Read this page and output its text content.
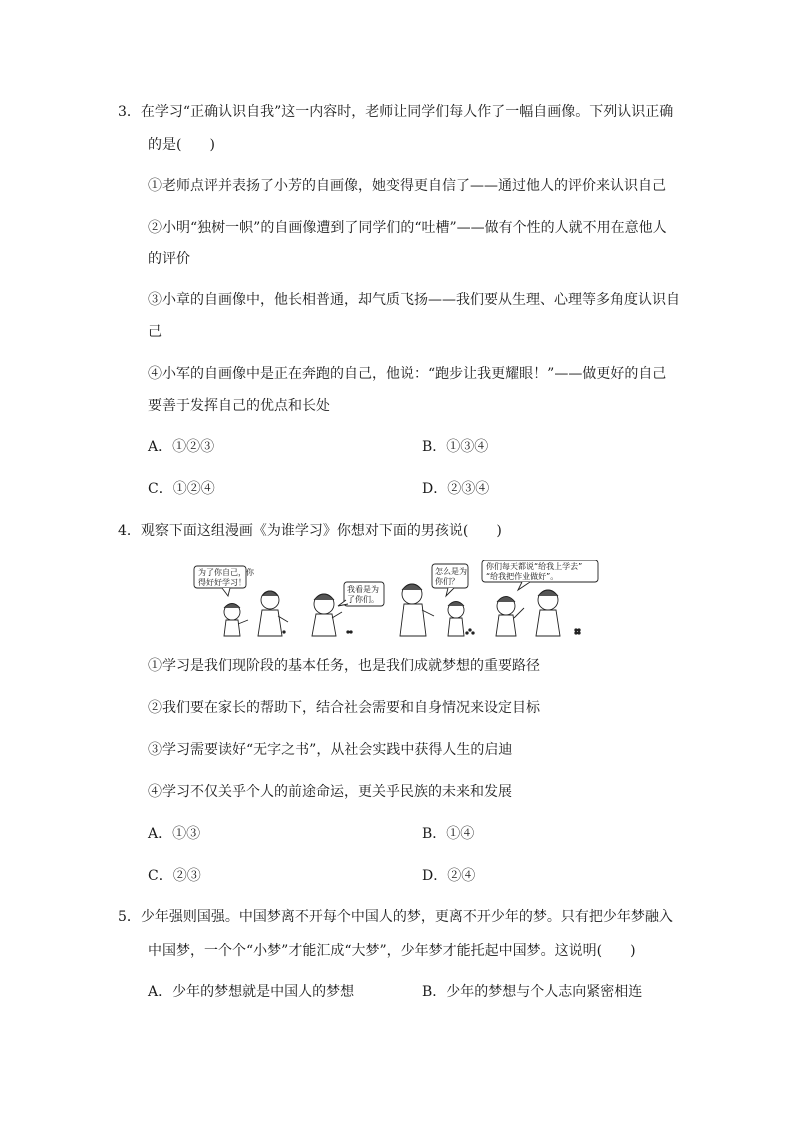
3．在学习“正确认识自我”这一内容时，老师让同学们每人作了一幅自画像。下列认识正确
的是(　　)
①老师点评并表扬了小芳的自画像，她变得更自信了——通过他人的评价来认识自己
②小明“独树一帜”的自画像遭到了同学们的“吐槽”——做有个性的人就不用在意他人
的评价
③小章的自画像中，他长相普通，却气质飞扬——我们要从生理、心理等多角度认识自
己
④小军的自画像中是正在奔跑的自己，他说：“跑步让我更耀眼！”——做更好的自己
要善于发挥自己的优点和长处
A．①②③	B．①③④
C．①②④	D．②③④
4．观察下面这组漫画《为谁学习》你想对下面的男孩说(　　)
为了你自己，你
得好好学习！
我看是为
了你们。
怎么是为
你们？
你们每天都说“给我上学去”
“给我把作业做好”。
①学习是我们现阶段的基本任务，也是我们成就梦想的重要路径
②我们要在家长的帮助下，结合社会需要和自身情况来设定目标
③学习需要读好“无字之书”，从社会实践中获得人生的启迪
④学习不仅关乎个人的前途命运，更关乎民族的未来和发展
A．①③	B．①④
C．②③	D．②④
5．少年强则国强。中国梦离不开每个中国人的梦，更离不开少年的梦。只有把少年梦融入
中国梦，一个个“小梦”才能汇成“大梦”，少年梦才能托起中国梦。这说明(　　)
A．少年的梦想就是中国人的梦想	B．少年的梦想与个人志向紧密相连
